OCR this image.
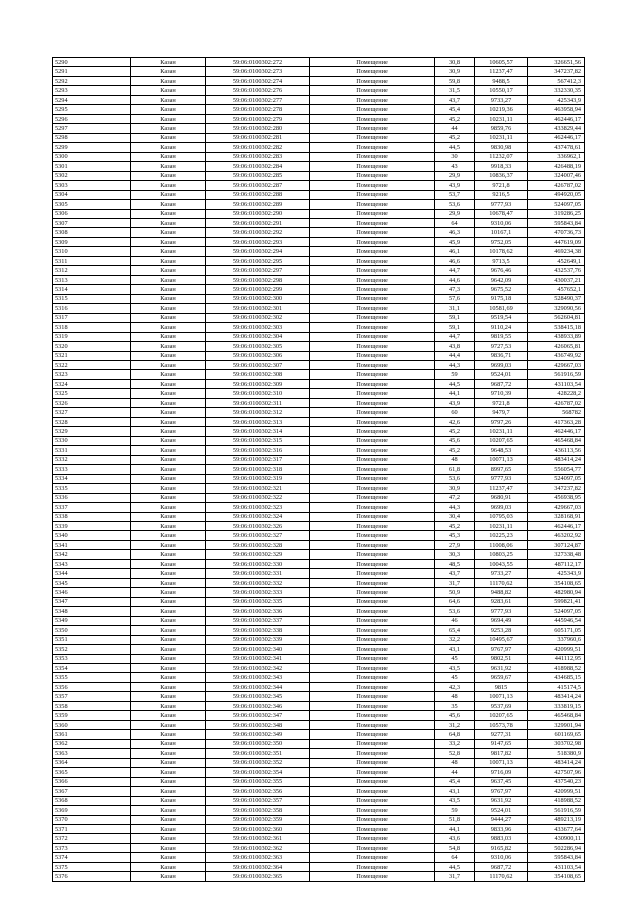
5290	Казан	59:06:0100302:272	Помещение	30,8	10605,57	326651,56
5291	Казан	59:06:0100302:273	Помещение	30,9	11237,47	347237,82
5292	Казан	59:06:0100302:274	Помещение	59,8	9488,5	567412,3
5293	Казан	59:06:0100302:276	Помещение	31,5	10550,17	332330,35
5294	Казан	59:06:0100302:277	Помещение	43,7	9733,27	425343,9
5295	Казан	59:06:0100302:278	Помещение	45,4	10219,36	463958,94
5296	Казан	59:06:0100302:279	Помещение	45,2	10231,11	462446,17
5297	Казан	59:06:0100302:280	Помещение	44	9859,76	433829,44
5298	Казан	59:06:0100302:281	Помещение	45,2	10231,11	462446,17
5299	Казан	59:06:0100302:282	Помещение	44,5	9830,98	437478,61
5300	Казан	59:06:0100302:283	Помещение	30	11232,07	336962,1
5301	Казан	59:06:0100302:284	Помещение	43	9918,33	426488,19
5302	Казан	59:06:0100302:285	Помещение	29,9	10836,37	324007,46
5303	Казан	59:06:0100302:287	Помещение	43,9	9721,8	426787,02
5304	Казан	59:06:0100302:288	Помещение	53,7	9216,5	494920,05
5305	Казан	59:06:0100302:289	Помещение	53,6	9777,93	524097,05
5306	Казан	59:06:0100302:290	Помещение	29,9	10678,47	319286,25
5307	Казан	59:06:0100302:291	Помещение	64	9310,06	595843,84
5308	Казан	59:06:0100302:292	Помещение	46,3	10167,1	470736,73
5309	Казан	59:06:0100302:293	Помещение	45,9	9752,05	447619,09
5310	Казан	59:06:0100302:294	Помещение	46,1	10178,62	469234,38
5311	Казан	59:06:0100302:295	Помещение	46,6	9713,5	452649,1
5312	Казан	59:06:0100302:297	Помещение	44,7	9676,46	432537,76
5313	Казан	59:06:0100302:298	Помещение	44,6	9642,09	430037,21
5314	Казан	59:06:0100302:299	Помещение	47,3	9675,52	457652,1
5315	Казан	59:06:0100302:300	Помещение	57,6	9175,18	528490,37
5316	Казан	59:06:0100302:301	Помещение	31,1	10581,69	329090,56
5317	Казан	59:06:0100302:302	Помещение	59,1	9519,54	562604,81
5318	Казан	59:06:0100302:303	Помещение	59,1	9110,24	538415,18
5319	Казан	59:06:0100302:304	Помещение	44,7	9819,55	438933,89
5320	Казан	59:06:0100302:305	Помещение	43,8	9727,53	426065,81
5321	Казан	59:06:0100302:306	Помещение	44,4	9836,71	436749,92
5322	Казан	59:06:0100302:307	Помещение	44,3	9699,03	429667,03
5323	Казан	59:06:0100302:308	Помещение	59	9524,01	561916,59
5324	Казан	59:06:0100302:309	Помещение	44,5	9687,72	431103,54
5325	Казан	59:06:0100302:310	Помещение	44,1	9710,39	428228,2
5326	Казан	59:06:0100302:311	Помещение	43,9	9721,8	426787,02
5327	Казан	59:06:0100302:312	Помещение	60	9479,7	568782
5328	Казан	59:06:0100302:313	Помещение	42,6	9797,26	417363,28
5329	Казан	59:06:0100302:314	Помещение	45,2	10231,11	462446,17
5330	Казан	59:06:0100302:315	Помещение	45,6	10207,65	465468,84
5331	Казан	59:06:0100302:316	Помещение	45,2	9648,53	436113,56
5332	Казан	59:06:0100302:317	Помещение	48	10071,13	483414,24
5333	Казан	59:06:0100302:318	Помещение	61,8	8997,65	556054,77
5334	Казан	59:06:0100302:319	Помещение	53,6	9777,93	524097,05
5335	Казан	59:06:0100302:321	Помещение	30,9	11237,47	347237,82
5336	Казан	59:06:0100302:322	Помещение	47,2	9680,91	456938,95
5337	Казан	59:06:0100302:323	Помещение	44,3	9699,03	429667,03
5338	Казан	59:06:0100302:324	Помещение	30,4	10795,03	328168,91
5339	Казан	59:06:0100302:326	Помещение	45,2	10231,11	462446,17
5340	Казан	59:06:0100302:327	Помещение	45,3	10225,23	463202,92
5341	Казан	59:06:0100302:328	Помещение	27,9	11008,06	307124,87
5342	Казан	59:06:0100302:329	Помещение	30,3	10803,25	327338,48
5343	Казан	59:06:0100302:330	Помещение	48,5	10043,55	487112,17
5344	Казан	59:06:0100302:331	Помещение	43,7	9733,27	425343,9
5345	Казан	59:06:0100302:332	Помещение	31,7	11170,62	354108,65
5346	Казан	59:06:0100302:333	Помещение	50,9	9488,82	482980,94
5347	Казан	59:06:0100302:335	Помещение	64,6	9283,61	599821,41
5348	Казан	59:06:0100302:336	Помещение	53,6	9777,93	524097,05
5349	Казан	59:06:0100302:337	Помещение	46	9694,49	445946,54
5350	Казан	59:06:0100302:338	Помещение	65,4	9253,28	605171,05
5351	Казан	59:06:0100302:339	Помещение	32,2	10495,67	337960,6
5352	Казан	59:06:0100302:340	Помещение	43,1	9767,97	420999,51
5353	Казан	59:06:0100302:341	Помещение	45	9802,51	441112,95
5354	Казан	59:06:0100302:342	Помещение	43,5	9631,92	418988,52
5355	Казан	59:06:0100302:343	Помещение	45	9659,67	434685,15
5356	Казан	59:06:0100302:344	Помещение	42,3	9815	415174,5
5357	Казан	59:06:0100302:345	Помещение	48	10071,13	483414,24
5358	Казан	59:06:0100302:346	Помещение	35	9537,69	333819,15
5359	Казан	59:06:0100302:347	Помещение	45,6	10207,65	465468,84
5360	Казан	59:06:0100302:348	Помещение	31,2	10573,78	329901,94
5361	Казан	59:06:0100302:349	Помещение	64,8	9277,31	601169,65
5362	Казан	59:06:0100302:350	Помещение	33,2	9147,65	303702,98
5363	Казан	59:06:0100302:351	Помещение	52,8	9817,82	518380,9
5364	Казан	59:06:0100302:352	Помещение	48	10071,13	483414,24
5365	Казан	59:06:0100302:354	Помещение	44	9716,09	427507,96
5366	Казан	59:06:0100302:355	Помещение	45,4	9637,45	437540,23
5367	Казан	59:06:0100302:356	Помещение	43,1	9767,97	420999,51
5368	Казан	59:06:0100302:357	Помещение	43,5	9631,92	418988,52
5369	Казан	59:06:0100302:358	Помещение	59	9524,01	561916,59
5370	Казан	59:06:0100302:359	Помещение	51,8	9444,27	489213,19
5371	Казан	59:06:0100302:360	Помещение	44,1	9833,96	433677,64
5372	Казан	59:06:0100302:361	Помещение	43,6	9883,03	430900,11
5373	Казан	59:06:0100302:362	Помещение	54,8	9165,82	502286,94
5374	Казан	59:06:0100302:363	Помещение	64	9310,06	595843,84
5375	Казан	59:06:0100302:364	Помещение	44,5	9687,72	431103,54
5376	Казан	59:06:0100302:365	Помещение	31,7	11170,62	354108,65
